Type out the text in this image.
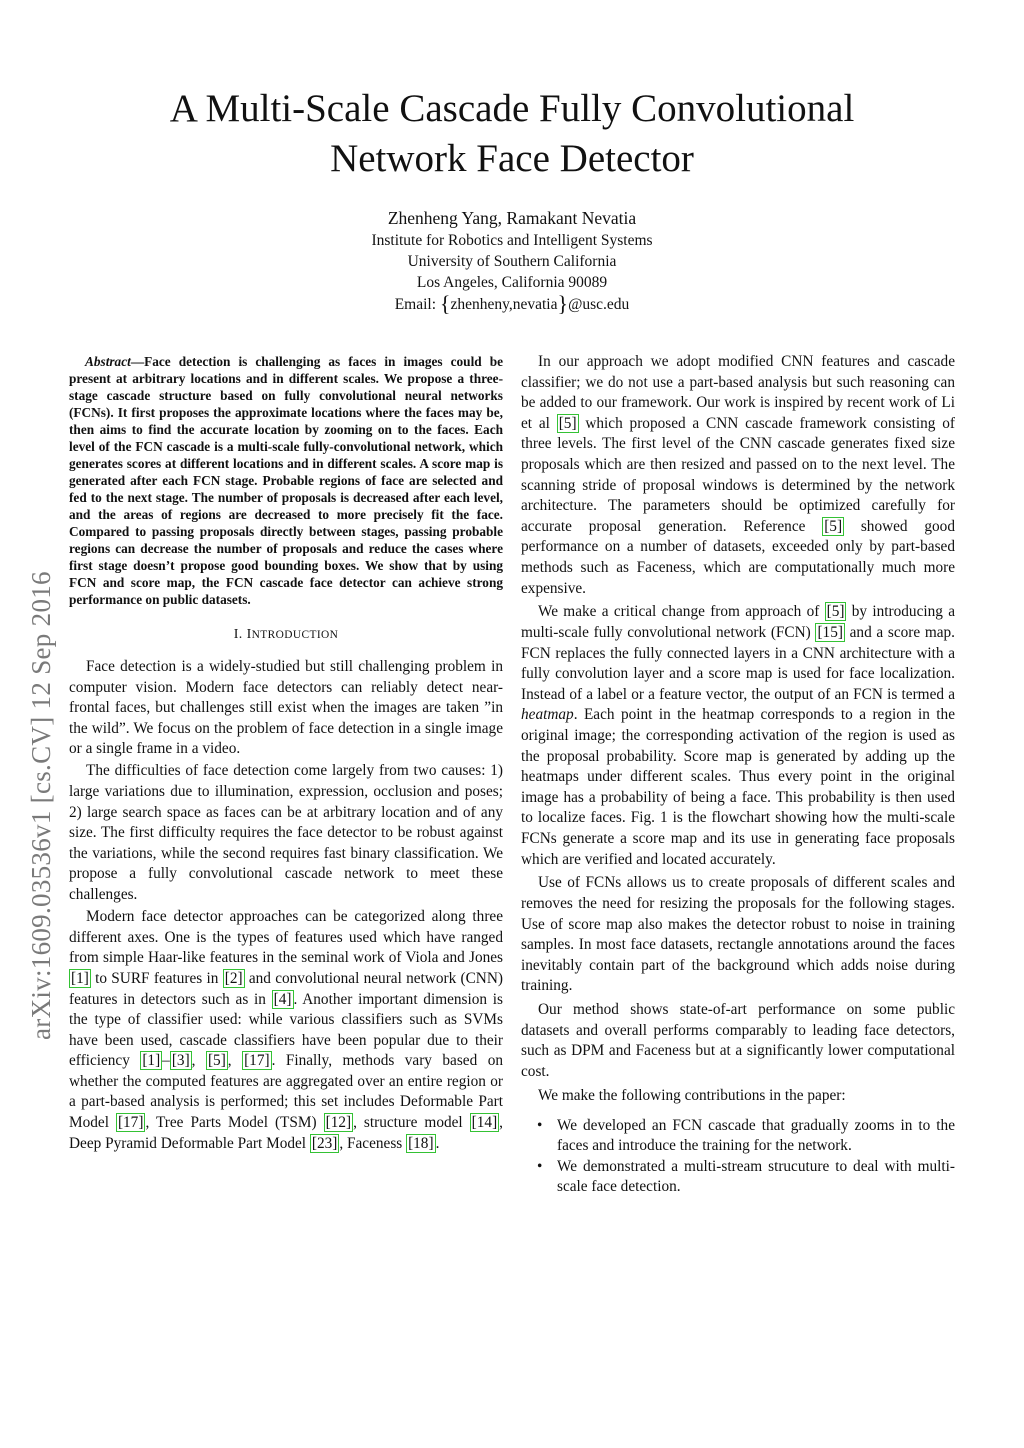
arXiv:1609.03536v1 [cs.CV] 12 Sep 2016
A Multi-Scale Cascade Fully Convolutional
Network Face Detector
Zhenheng Yang, Ramakant Nevatia
Institute for Robotics and Intelligent Systems
University of Southern California
Los Angeles, California 90089
Email: {zhenheny,nevatia}@usc.edu

Abstract—Face detection is challenging as faces in images could be present at arbitrary locations and in different scales. We propose a three-stage cascade structure based on fully convolutional neural networks (FCNs). It first proposes the approximate locations where the faces may be, then aims to find the accurate location by zooming on to the faces. Each level of the FCN cascade is a multi-scale fully-convolutional network, which generates scores at different locations and in different scales. A score map is generated after each FCN stage. Probable regions of face are selected and fed to the next stage. The number of proposals is decreased after each level, and the areas of regions are decreased to more precisely fit the face. Compared to passing proposals directly between stages, passing probable regions can decrease the number of proposals and reduce the cases where first stage doesn’t propose good bounding boxes. We show that by using FCN and score map, the FCN cascade face detector can achieve strong performance on public datasets.

I. INTRODUCTION

Face detection is a widely-studied but still challenging problem in computer vision. Modern face detectors can reliably detect near-frontal faces, but challenges still exist when the images are taken ”in the wild”. We focus on the problem of face detection in a single image or a single frame in a video.

The difficulties of face detection come largely from two causes: 1) large variations due to illumination, expression, occlusion and poses; 2) large search space as faces can be at arbitrary location and of any size. The first difficulty requires the face detector to be robust against the variations, while the second requires fast binary classification. We propose a fully convolutional cascade network to meet these challenges.

Modern face detector approaches can be categorized along three different axes. One is the types of features used which have ranged from simple Haar-like features in the seminal work of Viola and Jones [1] to SURF features in [2] and convolutional neural network (CNN) features in detectors such as in [4] . Another important dimension is the type of classifier used: while various classifiers such as SVMs have been used, cascade classifiers have been popular due to their efficiency [1] – [3] , [5] , [17] . Finally, methods vary based on whether the computed features are aggregated over an entire region or a part-based analysis is performed; this set includes Deformable Part Model [17] , Tree Parts Model (TSM) [12] , structure model [14] , Deep Pyramid Deformable Part Model [23] , Faceness [18] .

In our approach we adopt modified CNN features and cascade classifier; we do not use a part-based analysis but such reasoning can be added to our framework. Our work is inspired by recent work of Li et al [5] which proposed a CNN cascade framework consisting of three levels. The first level of the CNN cascade generates fixed size proposals which are then resized and passed on to the next level. The scanning stride of proposal windows is determined by the network architecture. The parameters should be optimized carefully for accurate proposal generation. Reference [5] showed good performance on a number of datasets, exceeded only by part-based methods such as Faceness, which are computationally much more expensive.

We make a critical change from approach of [5] by introducing a multi-scale fully convolutional network (FCN) [15] and a score map. FCN replaces the fully connected layers in a CNN architecture with a fully convolution layer and a score map is used for face localization. Instead of a label or a feature vector, the output of an FCN is termed a heatmap. Each point in the heatmap corresponds to a region in the original image; the corresponding activation of the region is used as the proposal probability. Score map is generated by adding up the heatmaps under different scales. Thus every point in the original image has a probability of being a face. This probability is then used to localize faces. Fig. 1 is the flowchart showing how the multi-scale FCNs generate a score map and its use in generating face proposals which are verified and located accurately.

Use of FCNs allows us to create proposals of different scales and removes the need for resizing the proposals for the following stages. Use of score map also makes the detector robust to noise in training samples. In most face datasets, rectangle annotations around the faces inevitably contain part of the background which adds noise during training.

Our method shows state-of-art performance on some public datasets and overall performs comparably to leading face detectors, such as DPM and Faceness but at a significantly lower computational cost.

We make the following contributions in the paper:

• We developed an FCN cascade that gradually zooms in to the faces and introduce the training for the network.
• We demonstrated a multi-stream strucuture to deal with multi-scale face detection.
